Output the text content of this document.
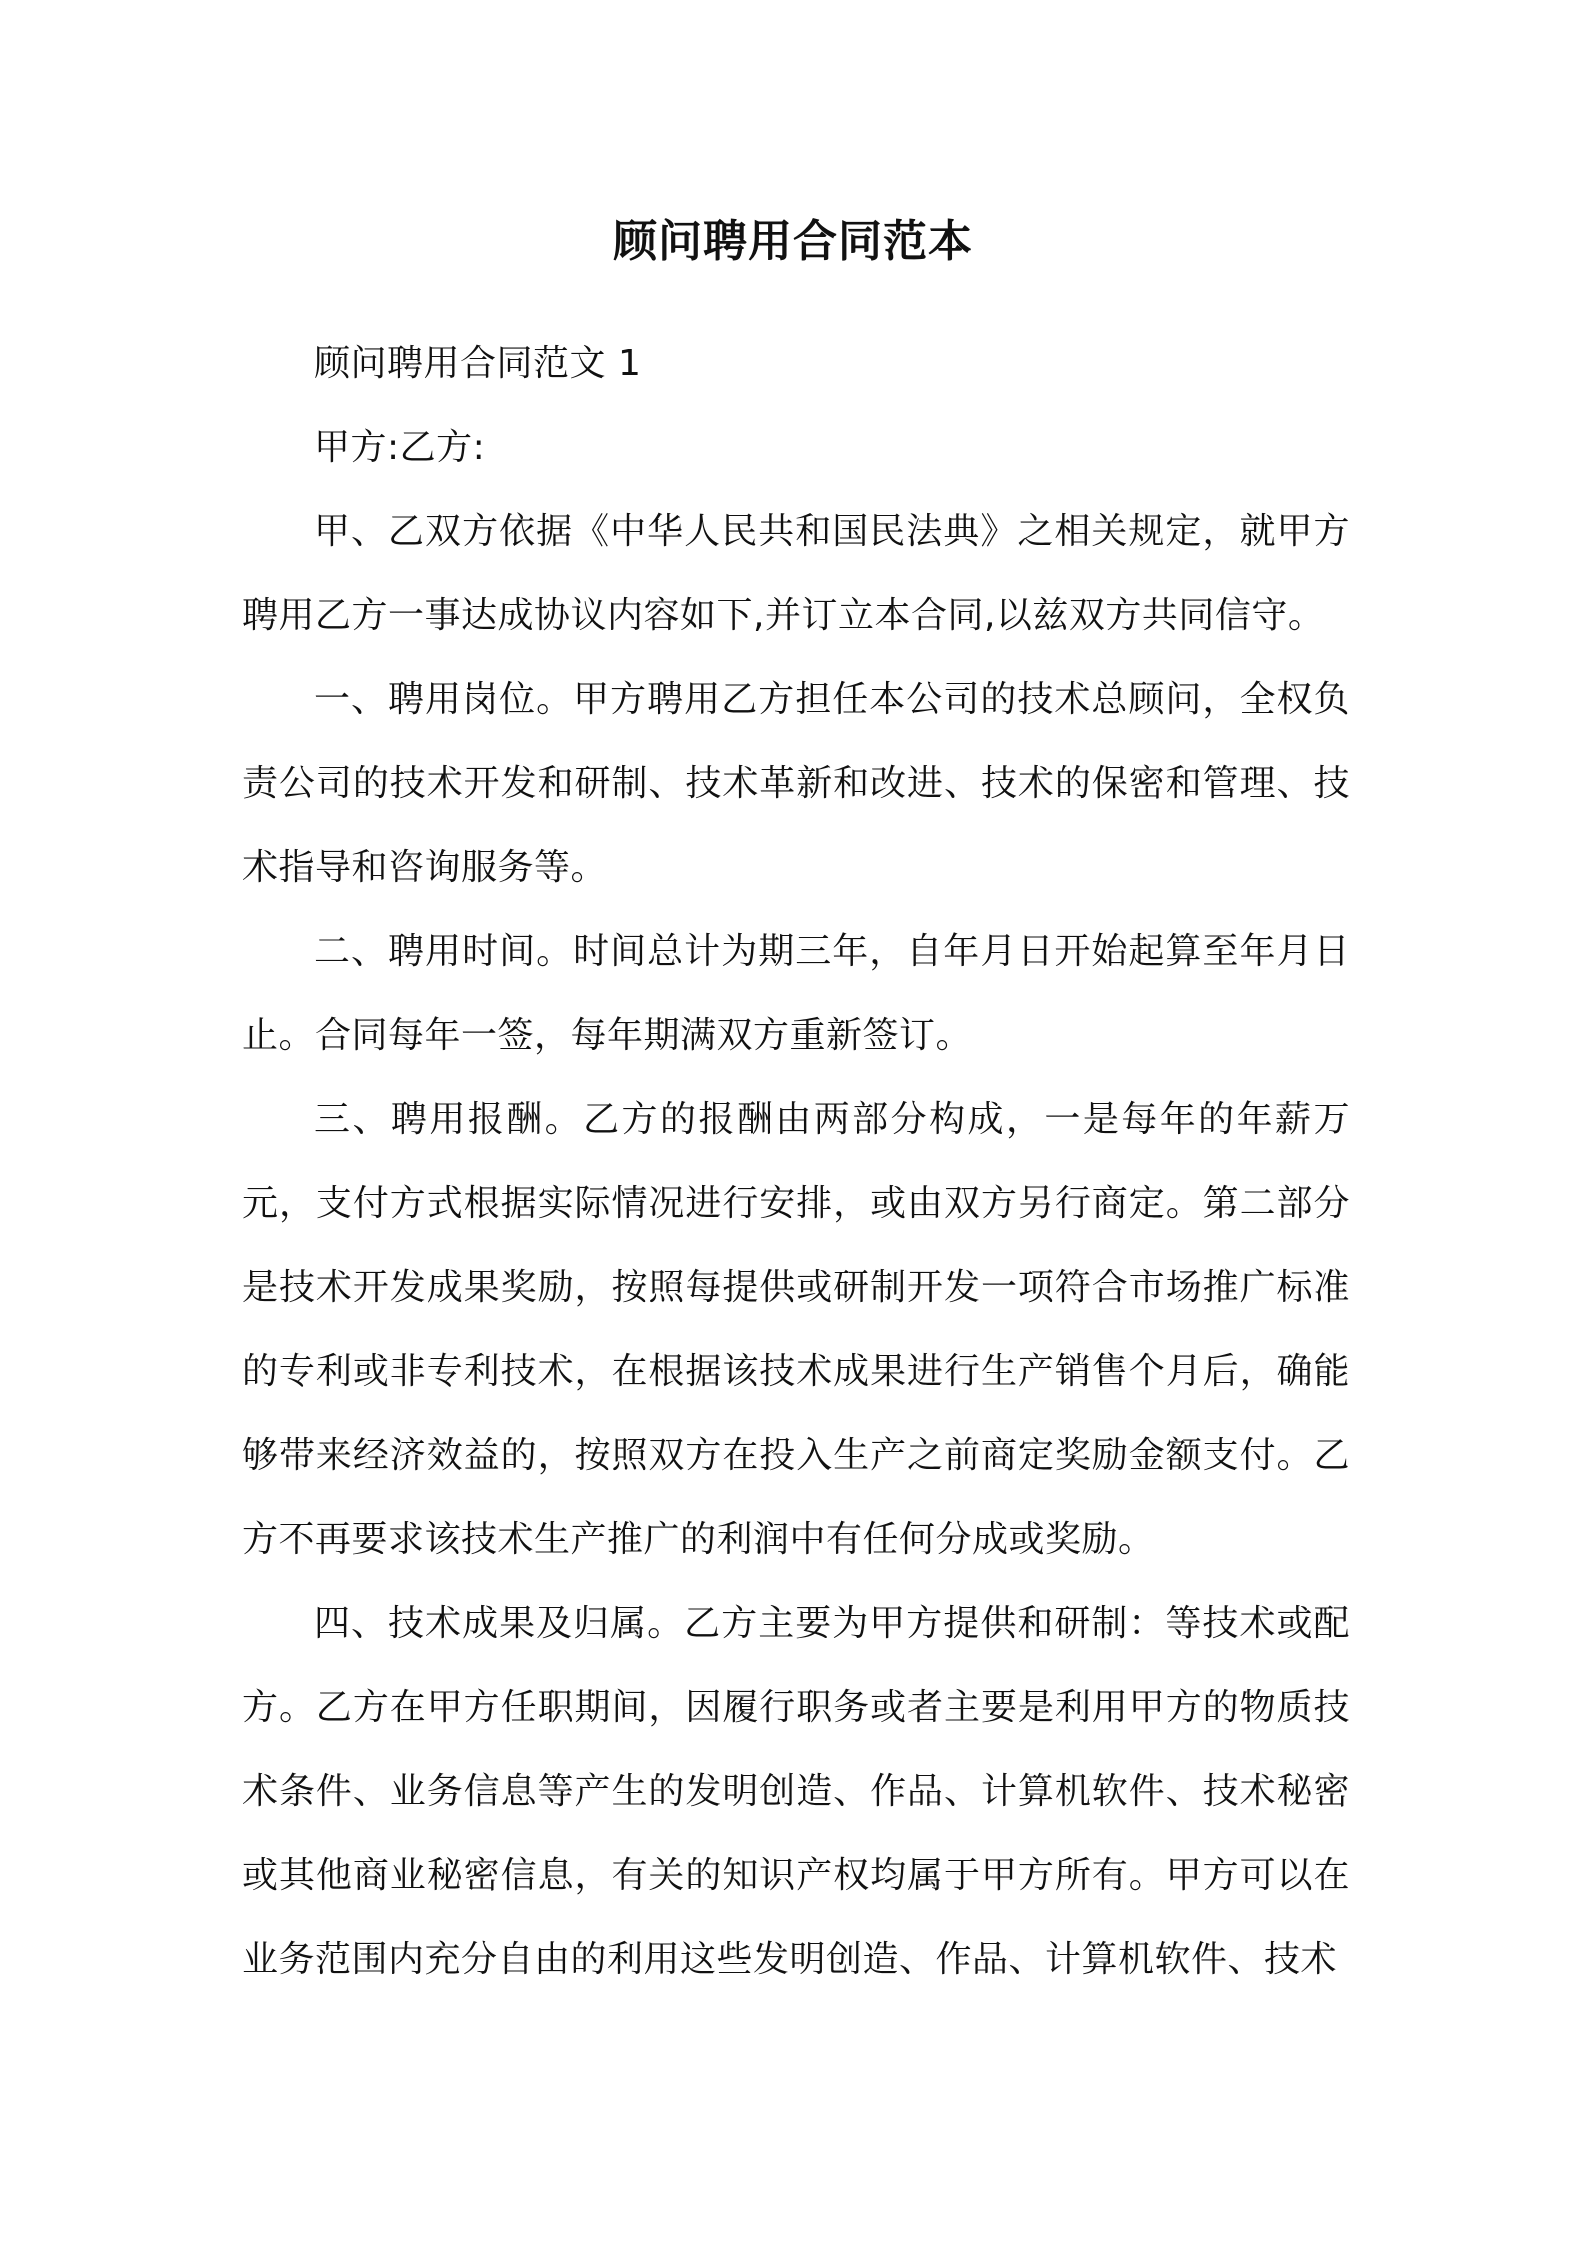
顾问聘用合同范本

顾问聘用合同范文 1

甲方:乙方:

甲、乙双方依据《中华人民共和国民法典》之相关规定，就甲方聘用乙方一事达成协议内容如下,并订立本合同,以兹双方共同信守。

一、聘用岗位。甲方聘用乙方担任本公司的技术总顾问，全权负责公司的技术开发和研制、技术革新和改进、技术的保密和管理、技术指导和咨询服务等。

二、聘用时间。时间总计为期三年，自年月日开始起算至年月日止。合同每年一签，每年期满双方重新签订。

三、聘用报酬。乙方的报酬由两部分构成，一是每年的年薪万元，支付方式根据实际情况进行安排，或由双方另行商定。第二部分是技术开发成果奖励，按照每提供或研制开发一项符合市场推广标准的专利或非专利技术，在根据该技术成果进行生产销售个月后，确能够带来经济效益的，按照双方在投入生产之前商定奖励金额支付。乙方不再要求该技术生产推广的利润中有任何分成或奖励。

四、技术成果及归属。乙方主要为甲方提供和研制：等技术或配方。乙方在甲方任职期间，因履行职务或者主要是利用甲方的物质技术条件、业务信息等产生的发明创造、作品、计算机软件、技术秘密或其他商业秘密信息，有关的知识产权均属于甲方所有。甲方可以在业务范围内充分自由的利用这些发明创造、作品、计算机软件、技术
